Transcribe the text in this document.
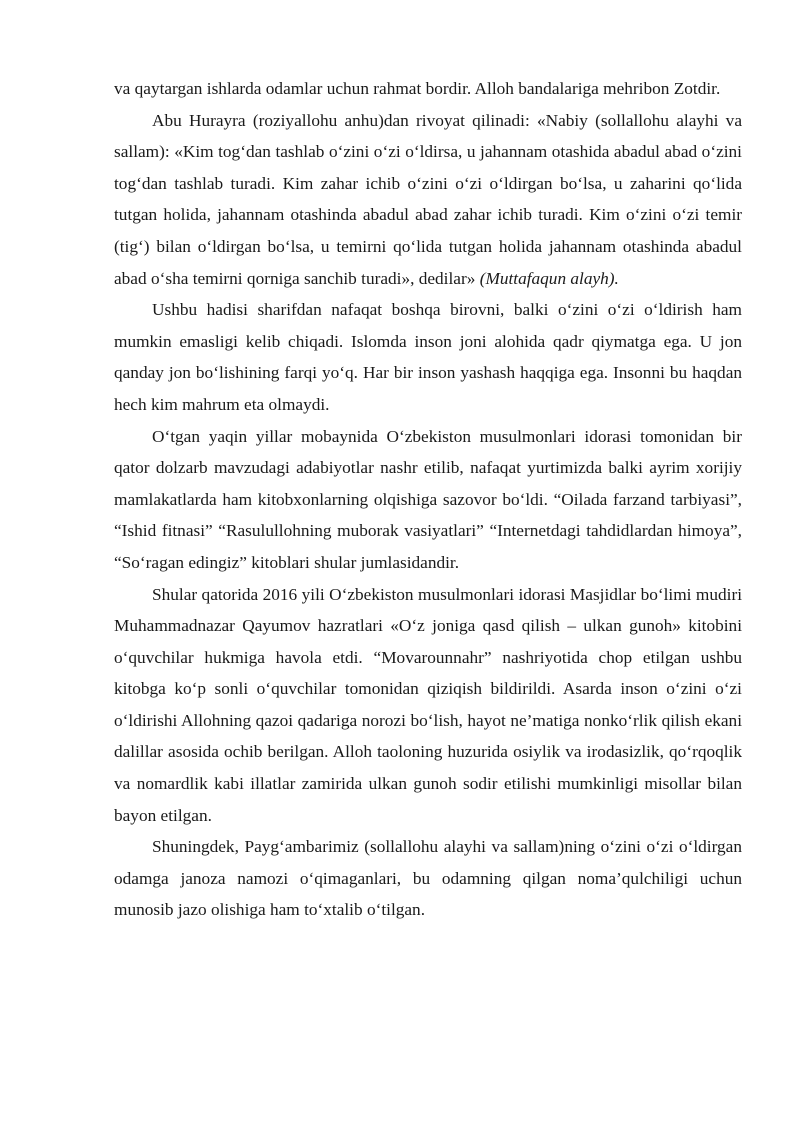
va qaytargan ishlarda odamlar uchun rahmat bordir. Alloh bandalariga mehribon Zotdir.

Abu Hurayra (roziyallohu anhu)dan rivoyat qilinadi: «Nabiy (sollallohu alayhi va sallam): «Kim tog‘dan tashlab o‘zini o‘zi o‘ldirsa, u jahannam otashida abadul abad o‘zini tog‘dan tashlab turadi. Kim zahar ichib o‘zini o‘zi o‘ldirgan bo‘lsa, u zaharini qo‘lida tutgan holida, jahannam otashinda abadul abad zahar ichib turadi. Kim o‘zini o‘zi temir (tig‘) bilan o‘ldirgan bo‘lsa, u temirni qo‘lida tutgan holida jahannam otashinda abadul abad o‘sha temirni qorniga sanchib turadi», dedilar» (Muttafaqun alayh).

Ushbu hadisi sharifdan nafaqat boshqa birovni, balki o‘zini o‘zi o‘ldirish ham mumkin emasligi kelib chiqadi. Islomda inson joni alohida qadr qiymatga ega. U jon qanday jon bo‘lishining farqi yo‘q. Har bir inson yashash haqqiga ega. Insonni bu haqdan hech kim mahrum eta olmaydi.

O‘tgan yaqin yillar mobaynida O‘zbekiston musulmonlari idorasi tomonidan bir qator dolzarb mavzudagi adabiyotlar nashr etilib, nafaqat yurtimizda balki ayrim xorijiy mamlakatlarda ham kitobxonlarning olqishiga sazovor bo‘ldi. “Oilada farzand tarbiyasi”, “Ishid fitnasi” “Rasulullohning muborak vasiyatlari” “Internetdagi tahdidlardan himoya”, “So‘ragan edingiz” kitoblari shular jumlasidandir.

Shular qatorida 2016 yili O‘zbekiston musulmonlari idorasi Masjidlar bo‘limi mudiri Muhammadnazar Qayumov hazratlari «O‘z joniga qasd qilish – ulkan gunoh» kitobini o‘quvchilar hukmiga havola etdi. “Movarounnahr” nashriyotida chop etilgan ushbu kitobga ko‘p sonli o‘quvchilar tomonidan qiziqish bildirildi. Asarda inson o‘zini o‘zi o‘ldirishi Allohning qazoi qadariga norozi bo‘lish, hayot ne’matiga nonko‘rlik qilish ekani dalillar asosida ochib berilgan. Alloh taoloning huzurida osiylik va irodasizlik, qo‘rqoqlik va nomardlik kabi illatlar zamirida ulkan gunoh sodir etilishi mumkinligi misollar bilan bayon etilgan.

Shuningdek, Payg‘ambarimiz (sollallohu alayhi va sallam)ning o‘zini o‘zi o‘ldirgan odamga janoza namozi o‘qimaganlari, bu odamning qilgan noma’qulchiligi uchun munosib jazo olishiga ham to‘xtalib o‘tilgan.
